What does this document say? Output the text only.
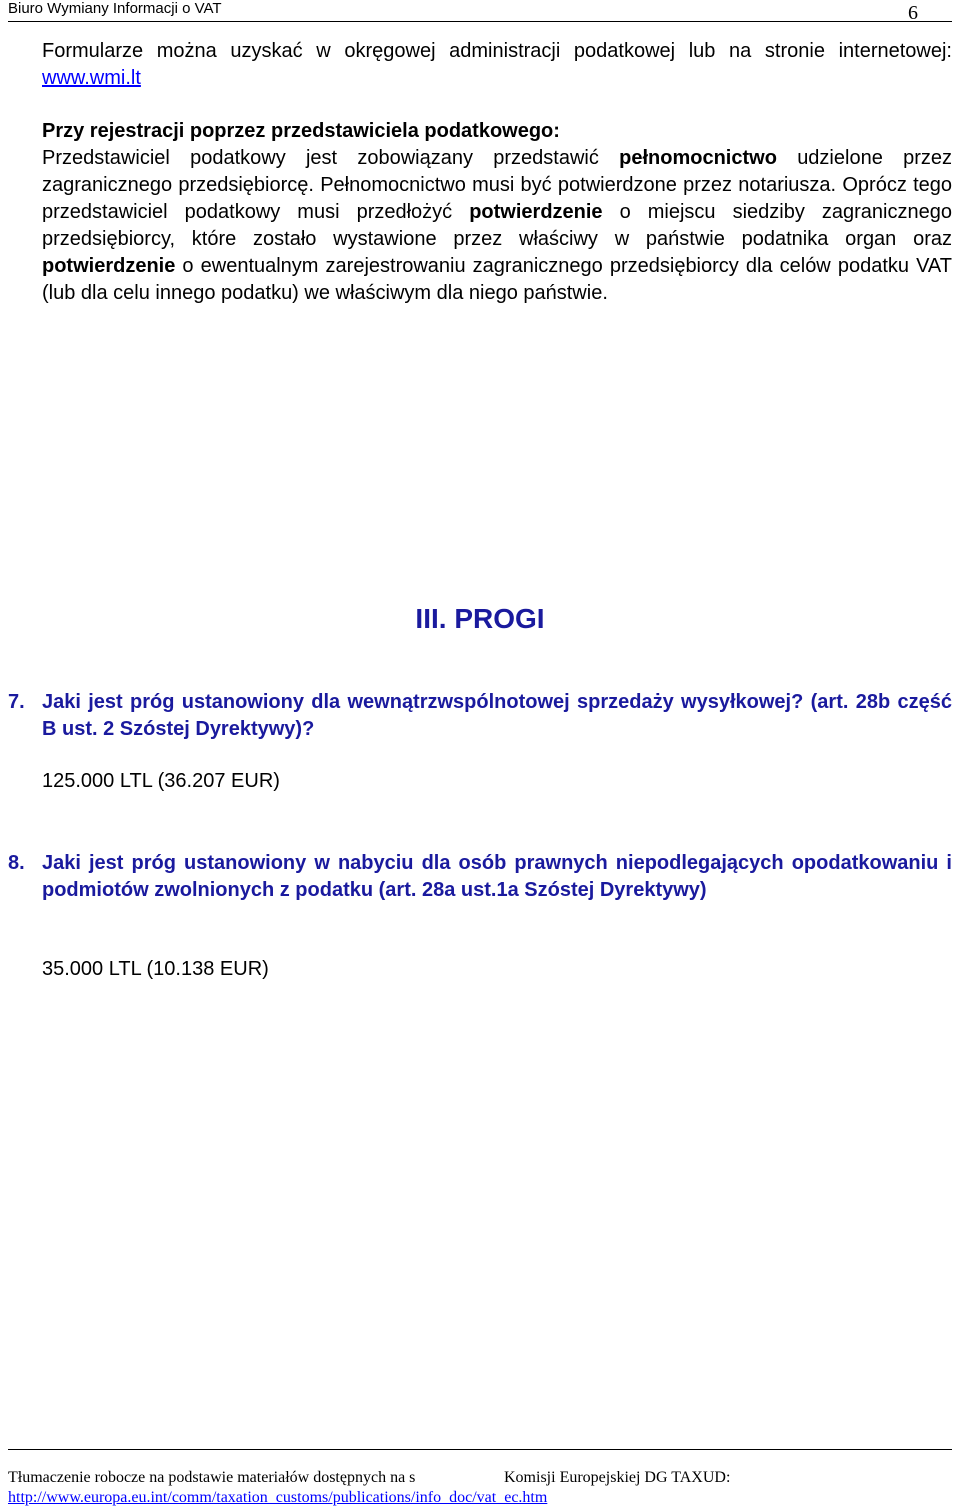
Biuro Wymiany Informacji o VAT	6
Formularze można uzyskać w okręgowej administracji podatkowej lub na stronie internetowej: www.wmi.lt
Przy rejestracji poprzez przedstawiciela podatkowego:
Przedstawiciel podatkowy jest zobowiązany przedstawić pełnomocnictwo udzielone przez zagranicznego przedsiębiorcę. Pełnomocnictwo musi być potwierdzone przez notariusza. Oprócz tego przedstawiciel podatkowy musi przedłożyć potwierdzenie o miejscu siedziby zagranicznego przedsiębiorcy, które zostało wystawione przez właściwy w państwie podatnika organ oraz potwierdzenie o ewentualnym zarejestrowaniu zagranicznego przedsiębiorcy dla celów podatku VAT (lub dla celu innego podatku) we właściwym dla niego państwie.
III. PROGI
7. Jaki jest próg ustanowiony dla wewnątrzwspólnotowej sprzedaży wysyłkowej? (art. 28b część B ust. 2 Szóstej Dyrektywy)?
125.000 LTL (36.207 EUR)
8. Jaki jest próg ustanowiony w nabyciu dla osób prawnych niepodlegających opodatkowaniu i podmiotów zwolnionych z podatku (art. 28a ust.1a Szóstej Dyrektywy)
35.000 LTL (10.138 EUR)
Tłumaczenie robocze na podstawie materiałów dostępnych na s	Komisji Europejskiej DG TAXUD:
http://www.europa.eu.int/comm/taxation_customs/publications/info_doc/vat_ec.htm
